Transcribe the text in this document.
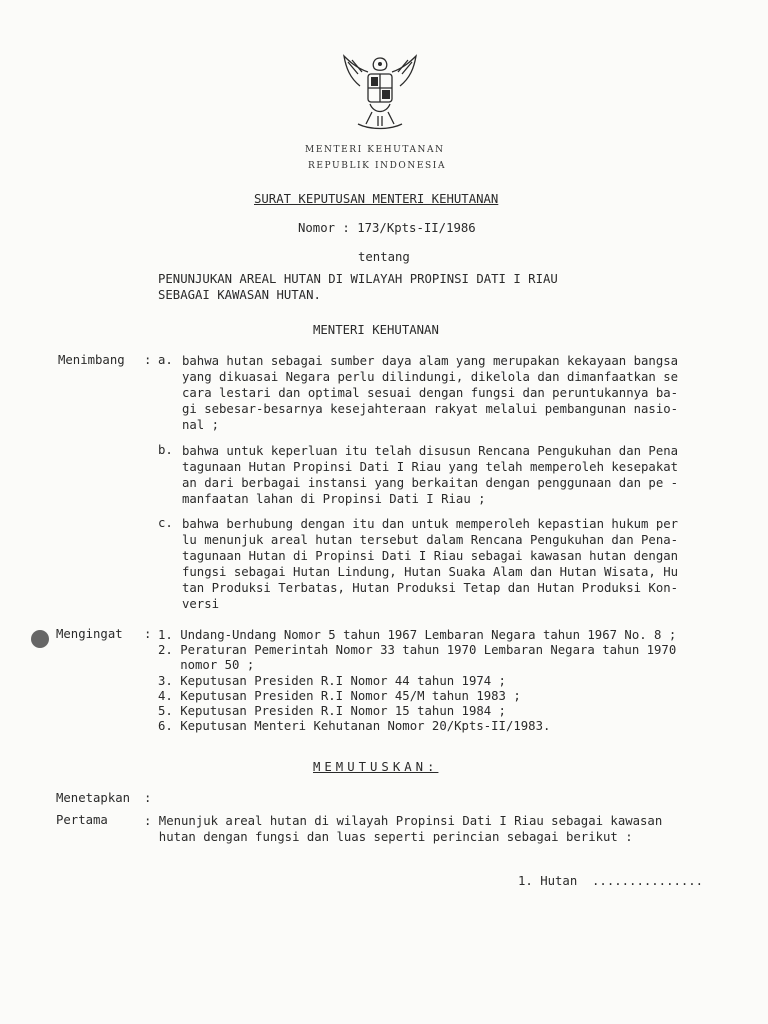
MENTERI KEHUTANAN
REPUBLIK INDONESIA
SURAT KEPUTUSAN MENTERI KEHUTANAN
Nomor : 173/Kpts-II/1986
tentang
PENUNJUKAN AREAL HUTAN DI WILAYAH PROPINSI DATI I RIAU
SEBAGAI KAWASAN HUTAN.
MENTERI KEHUTANAN
Menimbang : a. bahwa hutan sebagai sumber daya alam yang merupakan kekayaan bangsa
yang dikuasai Negara perlu dilindungi, dikelola dan dimanfaatkan se
cara lestari dan optimal sesuai dengan fungsi dan peruntukannya ba-
gi sebesar-besarnya kesejahteraan rakyat melalui pembangunan nasio-
nal ;
b. bahwa untuk keperluan itu telah disusun Rencana Pengukuhan dan Pena
tagunaan Hutan Propinsi Dati I Riau yang telah memperoleh kesepakat
an dari berbagai instansi yang berkaitan dengan penggunaan dan pe -
manfaatan lahan di Propinsi Dati I Riau ;
c. bahwa berhubung dengan itu dan untuk memperoleh kepastian hukum per
lu menunjuk areal hutan tersebut dalam Rencana Pengukuhan dan Pena-
tagunaan Hutan di Propinsi Dati I Riau sebagai kawasan hutan dengan
fungsi sebagai Hutan Lindung, Hutan Suaka Alam dan Hutan Wisata, Hu
tan Produksi Terbatas, Hutan Produksi Tetap dan Hutan Produksi Kon-
versi
Mengingat : 1. Undang-Undang Nomor 5 tahun 1967 Lembaran Negara tahun 1967 No. 8 ;
2. Peraturan Pemerintah Nomor 33 tahun 1970 Lembaran Negara tahun 1970
nomor 50 ;
3. Keputusan Presiden R.I Nomor 44 tahun 1974 ;
4. Keputusan Presiden R.I Nomor 45/M tahun 1983 ;
5. Keputusan Presiden R.I Nomor 15 tahun 1984 ;
6. Keputusan Menteri Kehutanan Nomor 20/Kpts-II/1983.
MEMUTUSKAN:
Menetapkan :
Pertama	: Menunjuk areal hutan di wilayah Propinsi Dati I Riau sebagai kawasan
hutan dengan fungsi dan luas seperti perincian sebagai berikut :
1. Hutan  ...............
